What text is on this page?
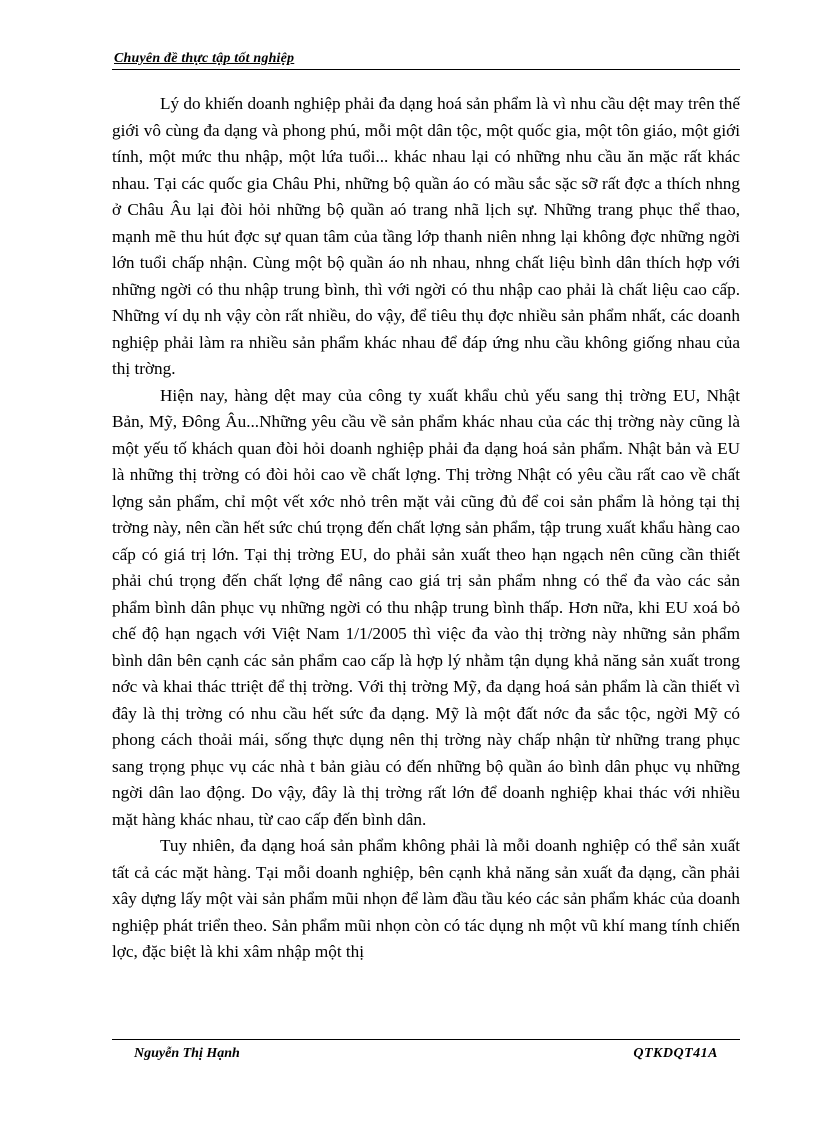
Chuyên đề thực tập tốt nghiệp

Lý do khiến doanh nghiệp phải đa dạng hoá sản phẩm là vì nhu cầu dệt may trên thế giới vô cùng đa dạng và phong phú, mỗi một dân tộc, một quốc gia, một tôn giáo, một giới tính, một mức thu nhập, một lứa tuổi... khác nhau lại có những nhu cầu ăn mặc rất khác nhau. Tại các quốc gia Châu Phi, những bộ quần áo có mầu sắc sặc sỡ rất đợc a thích nhng ở Châu Âu lại đòi hỏi những bộ quần aó trang nhã lịch sự. Những trang phục thể thao, mạnh mẽ thu hút đợc sự quan tâm của tầng lớp thanh niên nhng lại không đợc những ngời lớn tuổi chấp nhận. Cùng một bộ quần áo nh nhau, nhng chất liệu bình dân thích hợp với những ngời có thu nhập trung bình, thì với ngời có thu nhập cao phải là chất liệu cao cấp. Những ví dụ nh vậy còn rất nhiều, do vậy, để tiêu thụ đợc nhiều sản phẩm nhất, các doanh nghiệp phải làm ra nhiều sản phẩm khác nhau để đáp ứng nhu cầu không giống nhau của thị trờng.

Hiện nay, hàng dệt may của công ty xuất khẩu chủ yếu sang thị trờng EU, Nhật Bản, Mỹ, Đông Âu...Những yêu cầu về sản phẩm khác nhau của các thị trờng này cũng là một yếu tố khách quan đòi hỏi doanh nghiệp phải đa dạng hoá sản phẩm. Nhật bản và EU là những thị trờng có đòi hỏi cao về chất lợng. Thị trờng Nhật có yêu cầu rất cao về chất lợng sản phẩm, chỉ một vết xớc nhỏ trên mặt vải cũng đủ để coi sản phẩm là hỏng tại thị trờng này, nên cần hết sức chú trọng đến chất lợng sản phẩm, tập trung xuất khẩu hàng cao cấp có giá trị lớn. Tại thị trờng EU, do phải sản xuất theo hạn ngạch nên cũng cần thiết phải chú trọng đến chất lợng để nâng cao giá trị sản phẩm nhng có thể đa vào các sản phẩm bình dân phục vụ những ngời có thu nhập trung bình thấp. Hơn nữa, khi EU xoá bỏ chế độ hạn ngạch với Việt Nam 1/1/2005 thì việc đa vào thị trờng này những sản phẩm bình dân bên cạnh các sản phẩm cao cấp là hợp lý nhằm tận dụng khả năng sản xuất trong nớc và khai thác ttriệt để thị trờng. Với thị trờng Mỹ, đa dạng hoá sản phẩm là cần thiết vì đây là thị trờng có nhu cầu hết sức đa dạng. Mỹ là một đất nớc đa sắc tộc, ngời Mỹ có phong cách thoải mái, sống thực dụng nên thị trờng này chấp nhận từ những trang phục sang trọng phục vụ các nhà t bản giàu có đến những bộ quần áo bình dân phục vụ những ngời dân lao động. Do vậy, đây là thị trờng rất lớn để doanh nghiệp khai thác với nhiều mặt hàng khác nhau, từ cao cấp đến bình dân.

Tuy nhiên, đa dạng hoá sản phẩm không phải là mỗi doanh nghiệp có thể sản xuất tất cả các mặt hàng. Tại mỗi doanh nghiệp, bên cạnh khả năng sản xuất đa dạng, cần phải xây dựng lấy một vài sản phẩm mũi nhọn để làm đầu tầu kéo các sản phẩm khác của doanh nghiệp phát triển theo. Sản phẩm mũi nhọn còn có tác dụng nh một vũ khí mang tính chiến lợc, đặc biệt là khi xâm nhập một thị

Nguyễn Thị Hạnh	QTKDQT41A
